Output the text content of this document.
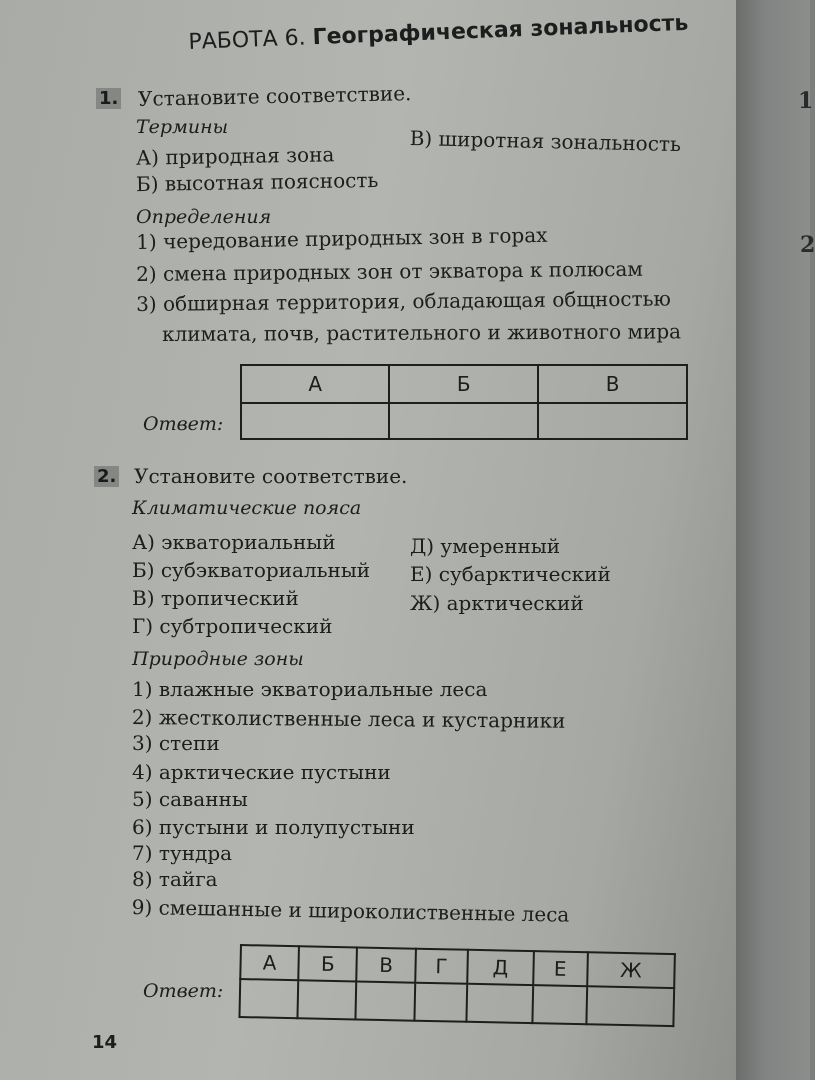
РАБОТА 6. Географическая зональность
1. Установите соответствие.
Термины
А) природная зона
Б) высотная поясность
В) широтная зональность
Определения
1) чередование природных зон в горах
2) смена природных зон от экватора к полюсам
3) обширная территория, обладающая общностью
климата, почв, растительного и животного мира
Ответ:
А	Б	В

2. Установите соответствие.
Климатические пояса
А) экваториальный
Б) субэкваториальный
В) тропический
Г) субтропический
Д) умеренный
Е) субарктический
Ж) арктический
Природные зоны
1) влажные экваториальные леса
2) жестколиственные леса и кустарники
3) степи
4) арктические пустыни
5) саванны
6) пустыни и полупустыни
7) тундра
8) тайга
9) смешанные и широколиственные леса
Ответ:
А	Б	В	Г	Д	Е	Ж

14
1
2
